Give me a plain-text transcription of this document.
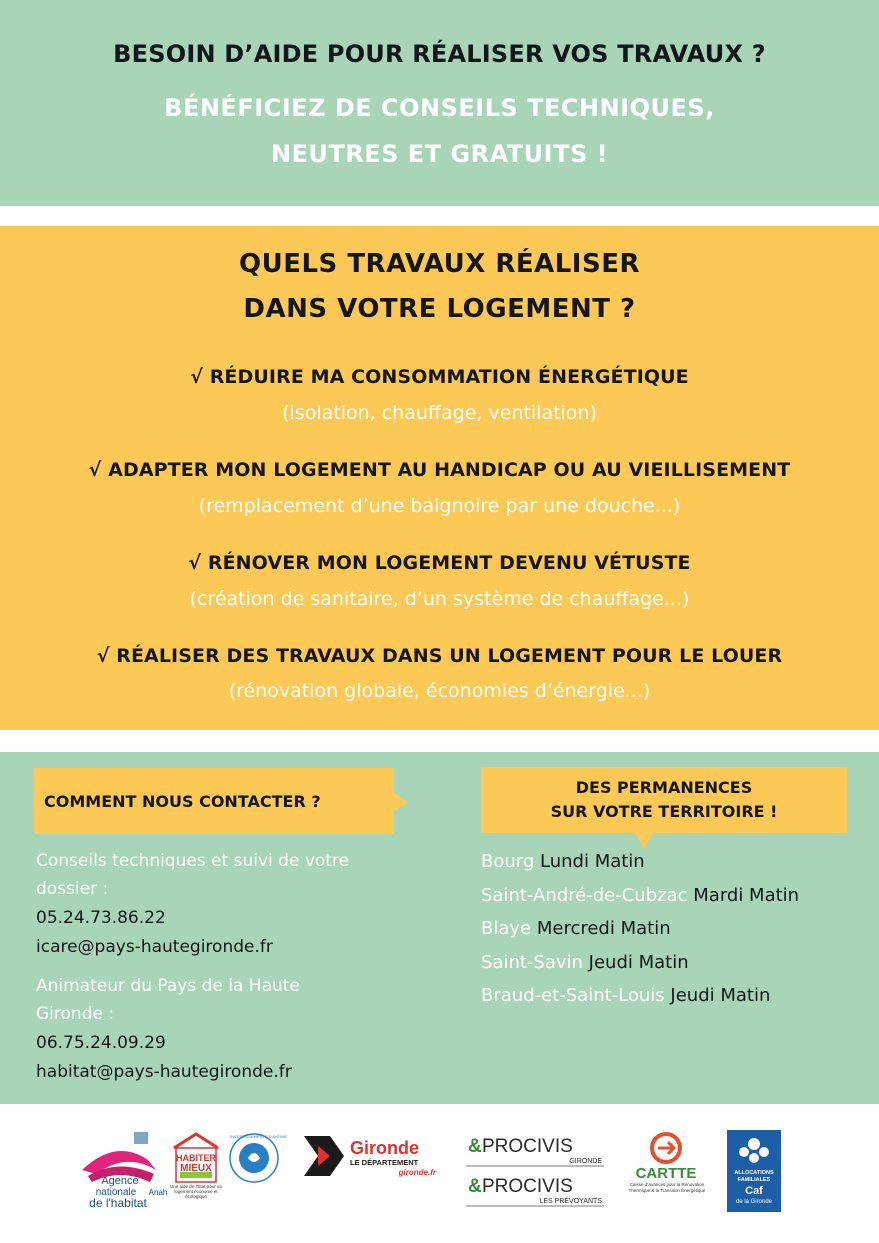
BESOIN D’AIDE POUR RÉALISER VOS TRAVAUX ?
BÉNÉFICIEZ DE CONSEILS TECHNIQUES,
NEUTRES ET GRATUITS !
QUELS TRAVAUX RÉALISER
DANS VOTRE LOGEMENT ?
√ RÉDUIRE MA CONSOMMATION ÉNERGÉTIQUE
(isolation, chauffage, ventilation)
√ ADAPTER MON LOGEMENT AU HANDICAP OU AU VIEILLISEMENT
(remplacement d’une baignoire par une douche...)
√ RÉNOVER MON LOGEMENT DEVENU VÉTUSTE
(création de sanitaire, d’un système de chauffage...)
√ RÉALISER DES TRAVAUX DANS UN LOGEMENT POUR LE LOUER
(rénovation globale, économies d’énergie...)
COMMENT NOUS CONTACTER ?
Conseils techniques et suivi de votre
dossier :
05.24.73.86.22
icare@pays-hautegironde.fr
Animateur du Pays de la Haute
Gironde :
06.75.24.09.29
habitat@pays-hautegironde.fr
DES PERMANENCES
SUR VOTRE TERRITOIRE !
Bourg Lundi Matin
Saint-André-de-Cubzac Mardi Matin
Blaye Mercredi Matin
Saint-Savin Jeudi Matin
Braud-et-Saint-Louis Jeudi Matin
Agence
nationale
de l'habitat
Anah
HABITER
MIEUX
Une aide de l'État pour un logement économe et écologique
INVESTISSEMENTS D'AVENIR
Gironde
LE DÉPARTEMENT
gironde.fr
& PROCIVIS
GIRONDE
& PROCIVIS
LES PRÉVOYANTS
CARTTE
Caisse d'Avances pour la Rénovation Thermique & la Transition Énergétique
ALLOCATIONS
FAMILIALES
Caf
de la Gironde
